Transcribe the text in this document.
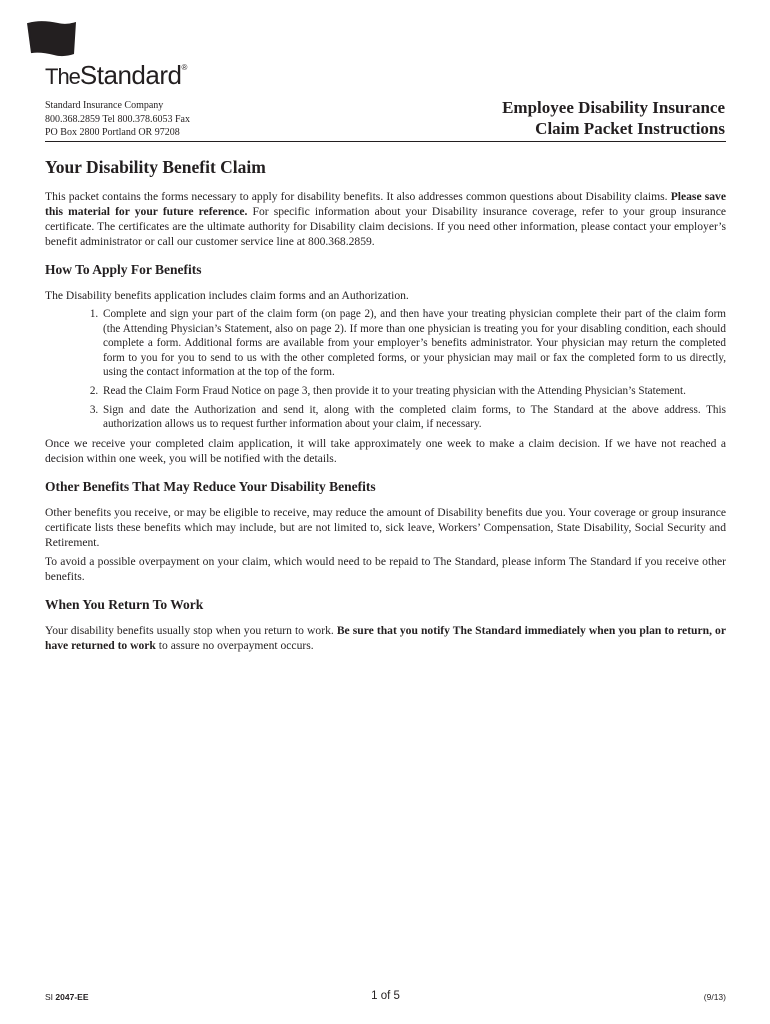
TheStandard®
Standard Insurance Company
800.368.2859 Tel 800.378.6053 Fax
PO Box 2800 Portland OR 97208
Employee Disability Insurance
Claim Packet Instructions
Your Disability Benefit Claim

This packet contains the forms necessary to apply for disability benefits. It also addresses common questions about Disability claims. Please save this material for your future reference. For specific information about your Disability insurance coverage, refer to your group insurance certificate. The certificates are the ultimate authority for Disability claim decisions. If you need other information, please contact your employer’s benefit administrator or call our customer service line at 800.368.2859.

How To Apply For Benefits

The Disability benefits application includes claim forms and an Authorization.

1. Complete and sign your part of the claim form (on page 2), and then have your treating physician complete their part of the claim form (the Attending Physician’s Statement, also on page 2). If more than one physician is treating you for your disabling condition, each should complete a form. Additional forms are available from your employer’s benefits administrator. Your physician may return the completed form to you for you to send to us with the other completed forms, or your physician may mail or fax the completed form to us directly, using the contact information at the top of the form.
2. Read the Claim Form Fraud Notice on page 3, then provide it to your treating physician with the Attending Physician’s Statement.
3. Sign and date the Authorization and send it, along with the completed claim forms, to The Standard at the above address. This authorization allows us to request further information about your claim, if necessary.

Once we receive your completed claim application, it will take approximately one week to make a claim decision. If we have not reached a decision within one week, you will be notified with the details.

Other Benefits That May Reduce Your Disability Benefits

Other benefits you receive, or may be eligible to receive, may reduce the amount of Disability benefits due you. Your coverage or group insurance certificate lists these benefits which may include, but are not limited to, sick leave, Workers’ Compensation, State Disability, Social Security and Retirement.

To avoid a possible overpayment on your claim, which would need to be repaid to The Standard, please inform The Standard if you receive other benefits.

When You Return To Work

Your disability benefits usually stop when you return to work. Be sure that you notify The Standard immediately when you plan to return, or have returned to work to assure no overpayment occurs.

SI 2047-EE	1 of 5	(9/13)
